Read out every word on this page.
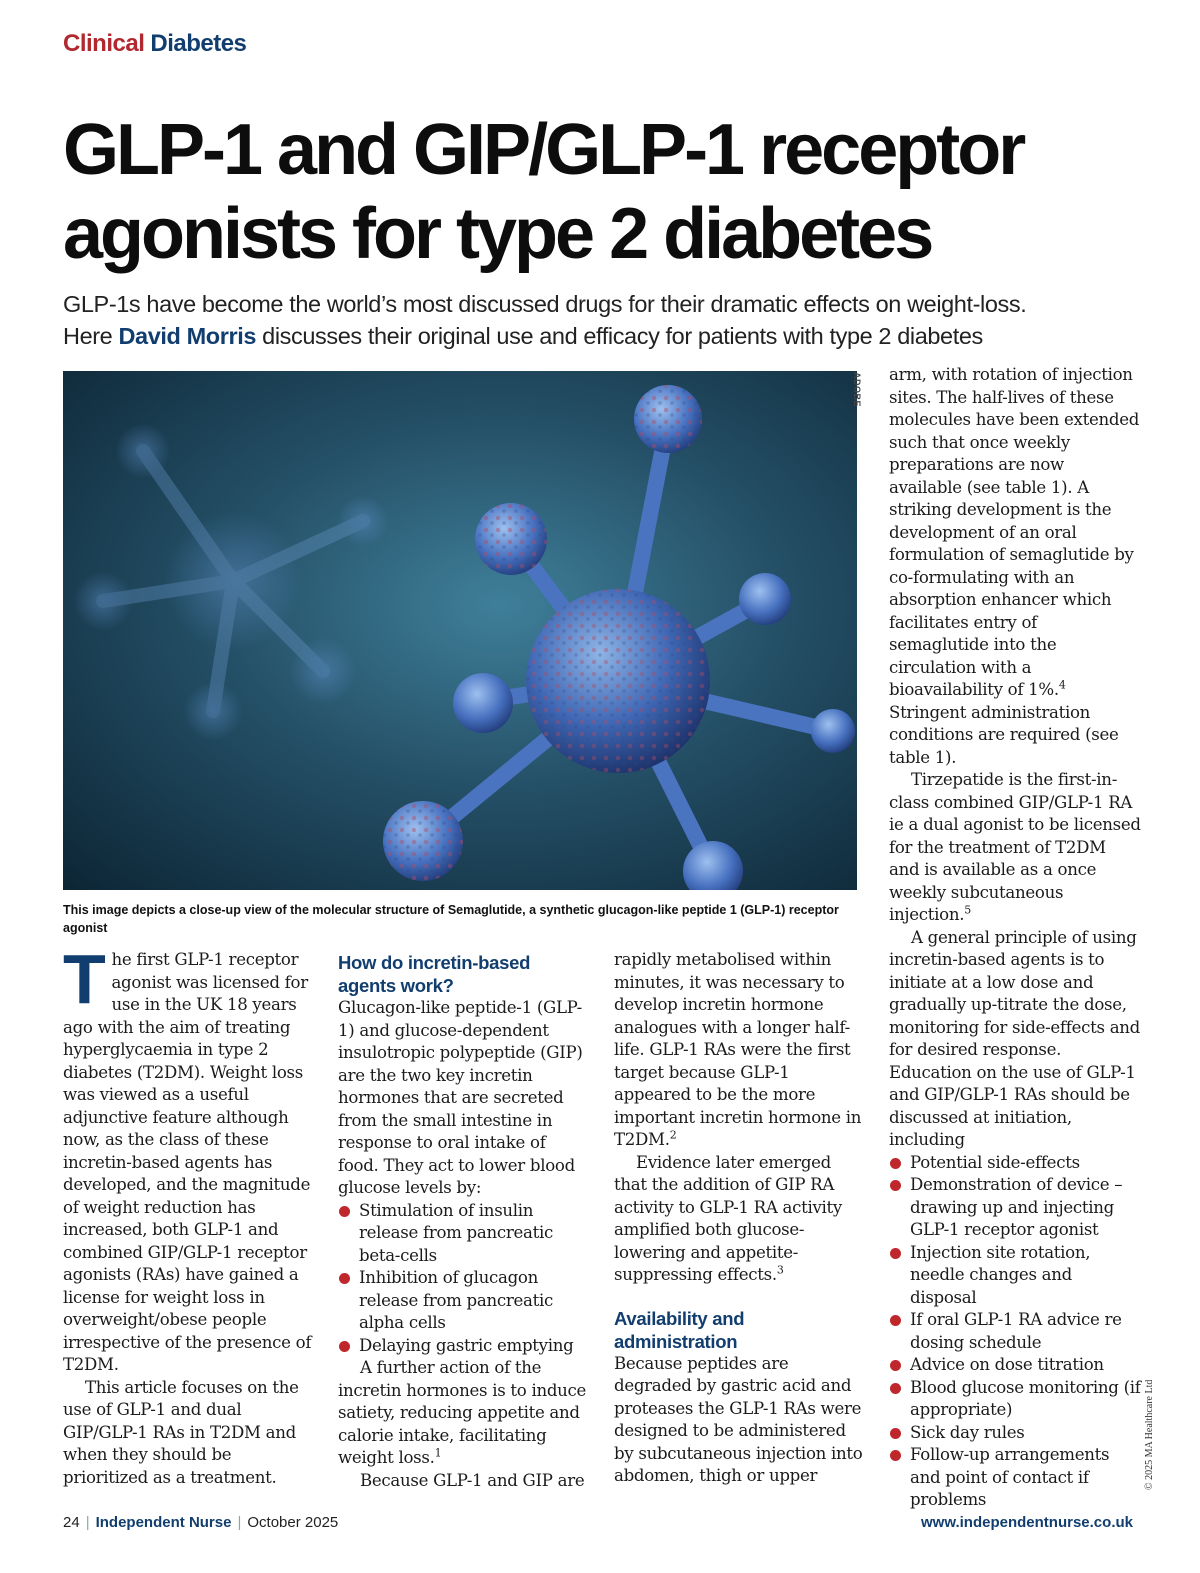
Clinical Diabetes
GLP-1 and GIP/GLP-1 receptor
agonists for type 2 diabetes
GLP-1s have become the world’s most discussed drugs for their dramatic effects on weight-loss.
Here David Morris discusses their original use and efficacy for patients with type 2 diabetes
ADOBE
This image depicts a close-up view of the molecular structure of Semaglutide, a synthetic glucagon-like peptide 1 (GLP-1) receptor agonist

The first GLP-1 receptor agonist was licensed for use in the UK 18 years ago with the aim of treating hyperglycaemia in type 2 diabetes (T2DM). Weight loss was viewed as a useful adjunctive feature although now, as the class of these incretin-based agents has developed, and the magnitude of weight reduction has increased, both GLP-1 and combined GIP/GLP-1 receptor agonists (RAs) have gained a license for weight loss in overweight/obese people irrespective of the presence of T2DM.

This article focuses on the use of GLP-1 and dual GIP/GLP-1 RAs in T2DM and when they should be prioritized as a treatment.

How do incretin-based agents work?

Glucagon-like peptide-1 (GLP-1) and glucose-dependent insulotropic polypeptide (GIP) are the two key incretin hormones that are secreted from the small intestine in response to oral intake of food. They act to lower blood glucose levels by:

Stimulation of insulin release from pancreatic beta-cells
Inhibition of glucagon release from pancreatic alpha cells
Delaying gastric emptying

A further action of the incretin hormones is to induce satiety, reducing appetite and calorie intake, facilitating weight loss.$^1$

Because GLP-1 and GIP are

rapidly metabolised within minutes, it was necessary to develop incretin hormone analogues with a longer half-life. GLP-1 RAs were the first target because GLP-1 appeared to be the more important incretin hormone in T2DM.$^2$

Evidence later emerged that the addition of GIP RA activity to GLP-1 RA activity amplified both glucose-lowering and appetite-suppressing effects.$^3$

Availability and administration

Because peptides are degraded by gastric acid and proteases the GLP-1 RAs were designed to be administered by subcutaneous injection into abdomen, thigh or upper

arm, with rotation of injection sites. The half-lives of these molecules have been extended such that once weekly preparations are now available (see table 1). A striking development is the development of an oral formulation of semaglutide by co-formulating with an absorption enhancer which facilitates entry of semaglutide into the circulation with a bioavailability of 1%.$^4$ Stringent administration conditions are required (see table 1).

Tirzepatide is the first-in-class combined GIP/GLP-1 RA ie a dual agonist to be licensed for the treatment of T2DM and is available as a once weekly subcutaneous injection.$^5$

A general principle of using incretin-based agents is to initiate at a low dose and gradually up-titrate the dose, monitoring for side-effects and for desired response. Education on the use of GLP-1 and GIP/GLP-1 RAs should be discussed at initiation, including

Potential side-effects
Demonstration of device – drawing up and injecting GLP-1 receptor agonist
Injection site rotation, needle changes and disposal
If oral GLP-1 RA advice re dosing schedule
Advice on dose titration
Blood glucose monitoring (if appropriate)
Sick day rules
Follow-up arrangements and point of contact if problems
© 2025 MA Healthcare Ltd
24 | Independent Nurse | October 2025	www.independentnurse.co.uk
